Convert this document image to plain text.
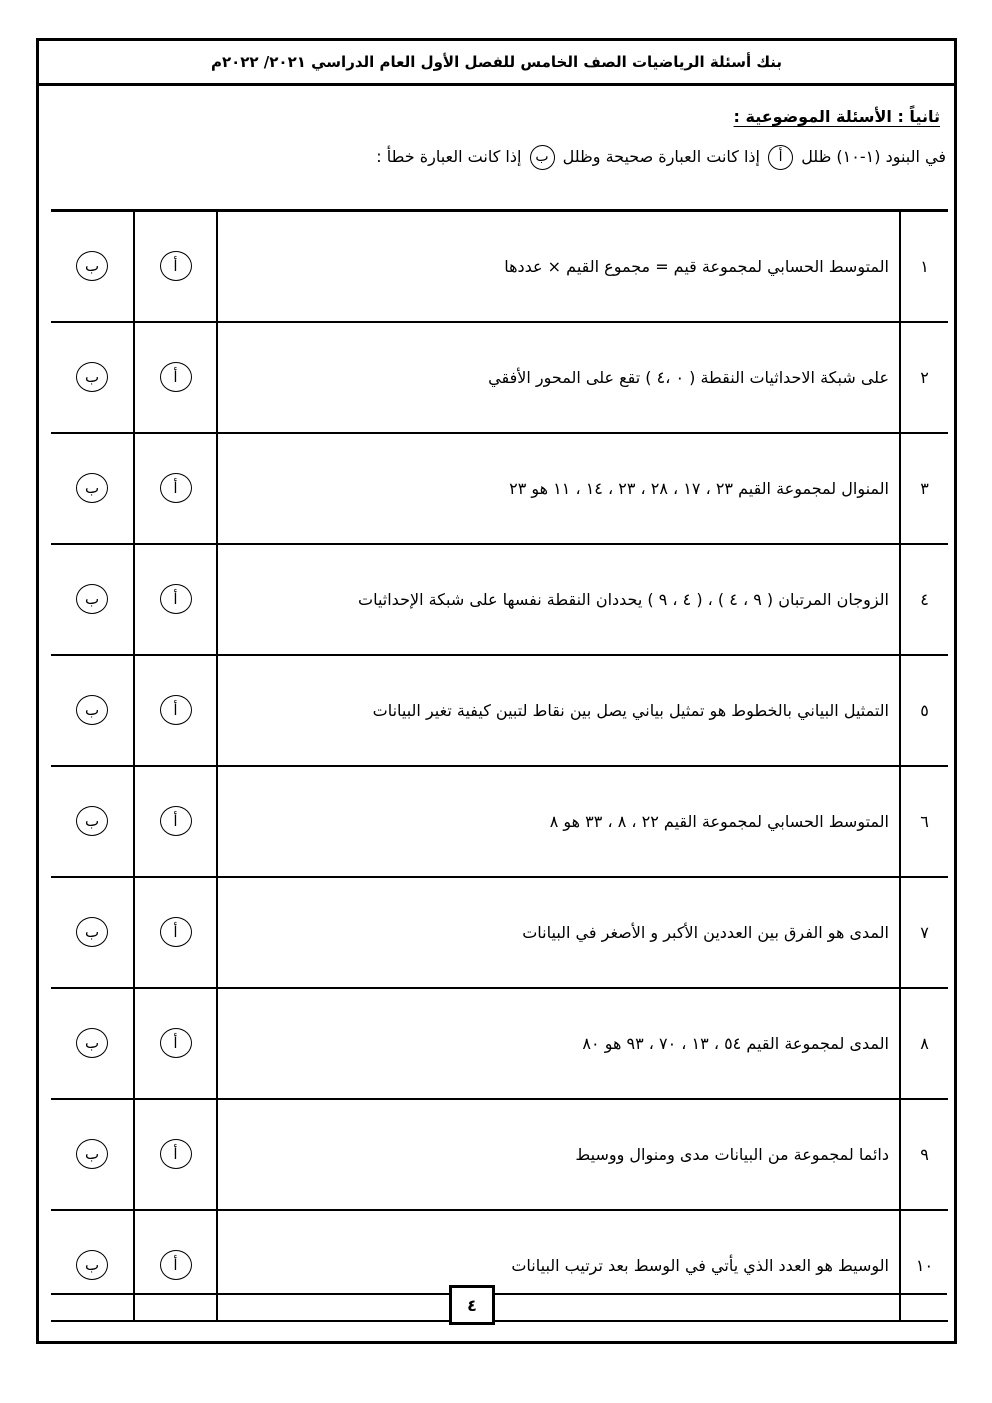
بنك أسئلة الرياضيات الصف الخامس للفصل الأول العام الدراسي ٢٠٢١/ ٢٠٢٢م
ثانياً : الأسئلة الموضوعية :
في البنود (١-١٠) ظلل أ إذا كانت العبارة صحيحة وظلل ب إذا كانت العبارة خطأ :
١	المتوسط الحسابي لمجموعة قيم = مجموع القيم × عددها	أ	ب
٢	على شبكة الاحداثيات النقطة ( ٠ ،٤ ) تقع على المحور الأفقي	أ	ب
٣	المنوال لمجموعة القيم ٢٣ ، ١٧ ، ٢٨ ، ٢٣ ، ١٤ ، ١١ هو ٢٣	أ	ب
٤	الزوجان المرتبان ( ٩ ، ٤ ) ، ( ٤ ، ٩ ) يحددان النقطة نفسها على شبكة الإحداثيات	أ	ب
٥	التمثيل البياني بالخطوط هو تمثيل بياني يصل بين نقاط لتبين كيفية تغير البيانات	أ	ب
٦	المتوسط الحسابي لمجموعة القيم ٢٢ ، ٨ ، ٣٣ هو ٨	أ	ب
٧	المدى هو الفرق بين العددين الأكبر و الأصغر في البيانات	أ	ب
٨	المدى لمجموعة القيم ٥٤ ، ١٣ ، ٧٠ ، ٩٣ هو ٨٠	أ	ب
٩	دائما لمجموعة من البيانات مدى ومنوال ووسيط	أ	ب
١٠	الوسيط هو العدد الذي يأتي في الوسط بعد ترتيب البيانات	أ	ب
٤
